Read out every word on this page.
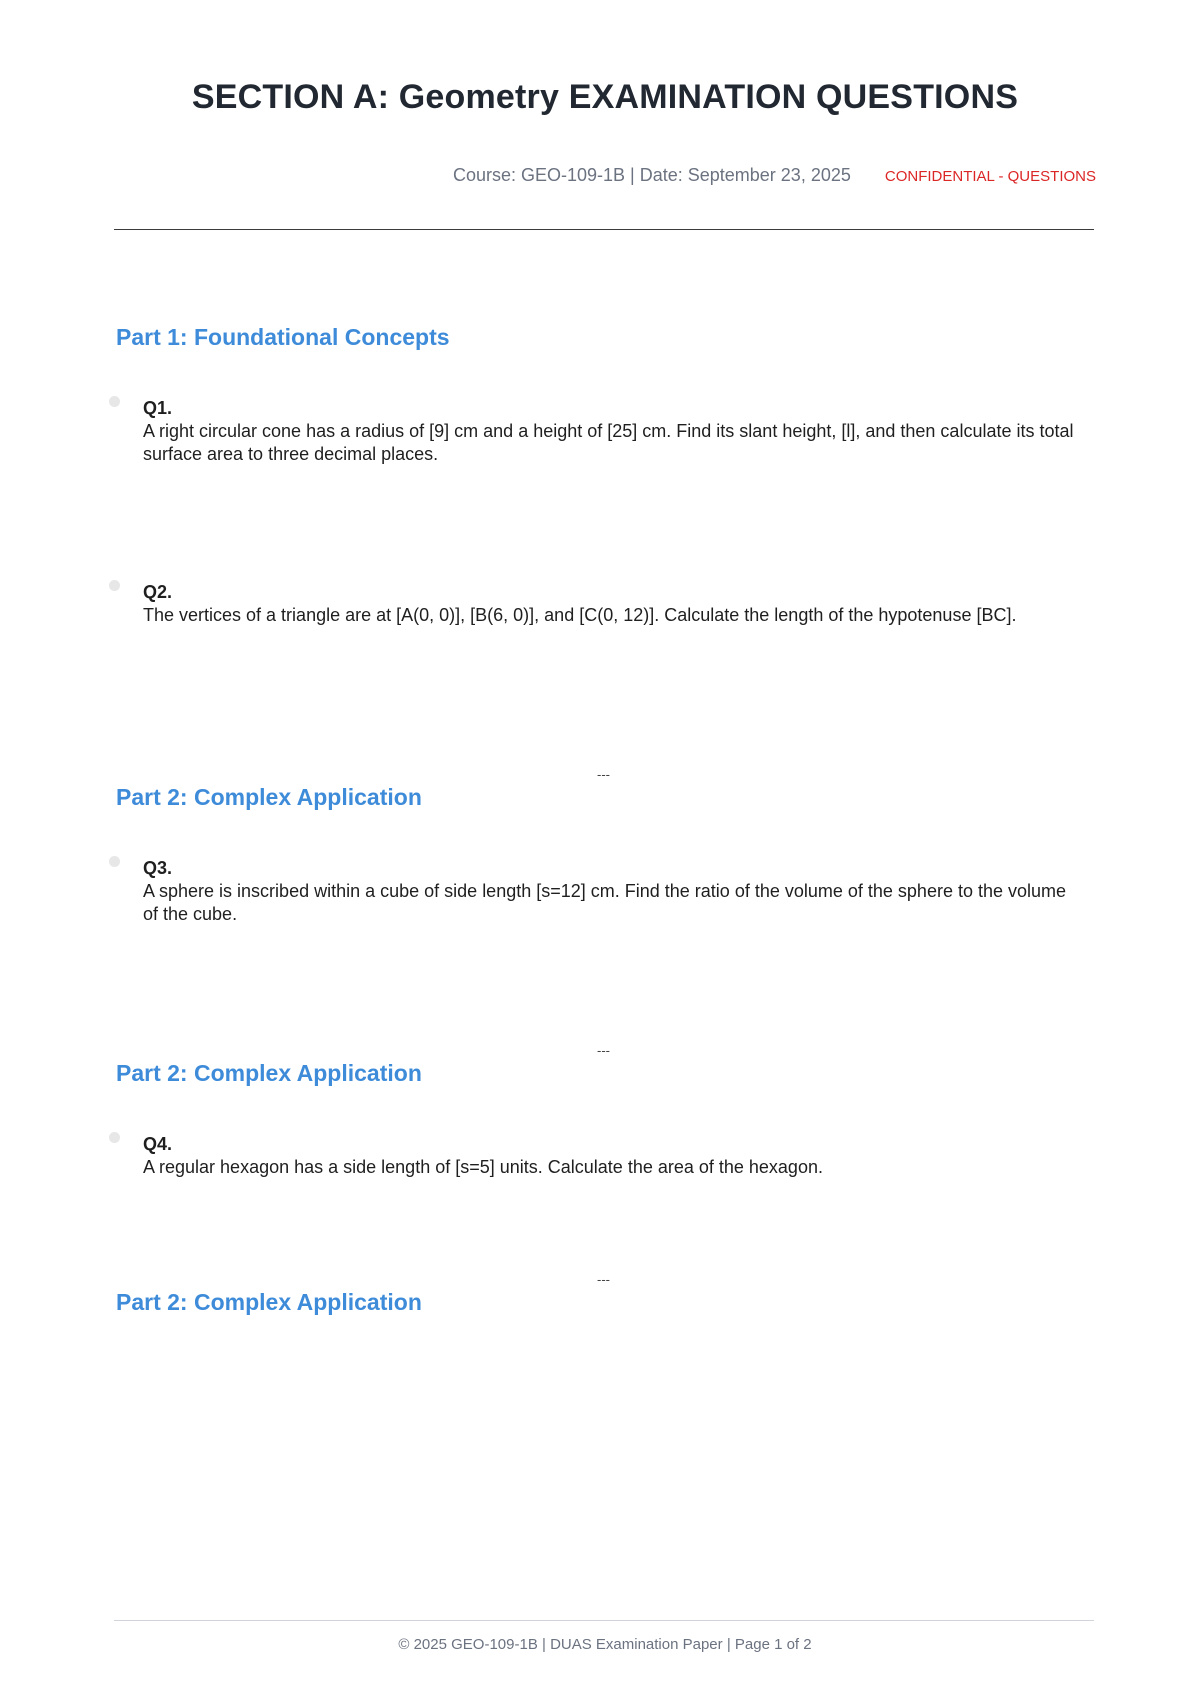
SECTION A: Geometry EXAMINATION QUESTIONS
Course: GEO-109-1B | Date: September 23, 2025 CONFIDENTIAL - QUESTIONS
Part 1: Foundational Concepts
Q1.
A right circular cone has a radius of [9] cm and a height of [25] cm. Find its slant height, [l], and then calculate its total surface area to three decimal places.
Q2.
The vertices of a triangle are at [A(0, 0)], [B(6, 0)], and [C(0, 12)]. Calculate the length of the hypotenuse [BC].
---
Part 2: Complex Application
Q3.
A sphere is inscribed within a cube of side length [s=12] cm. Find the ratio of the volume of the sphere to the volume of the cube.
---
Part 2: Complex Application
Q4.
A regular hexagon has a side length of [s=5] units. Calculate the area of the hexagon.
---
Part 2: Complex Application
© 2025 GEO-109-1B | DUAS Examination Paper | Page 1 of 2
